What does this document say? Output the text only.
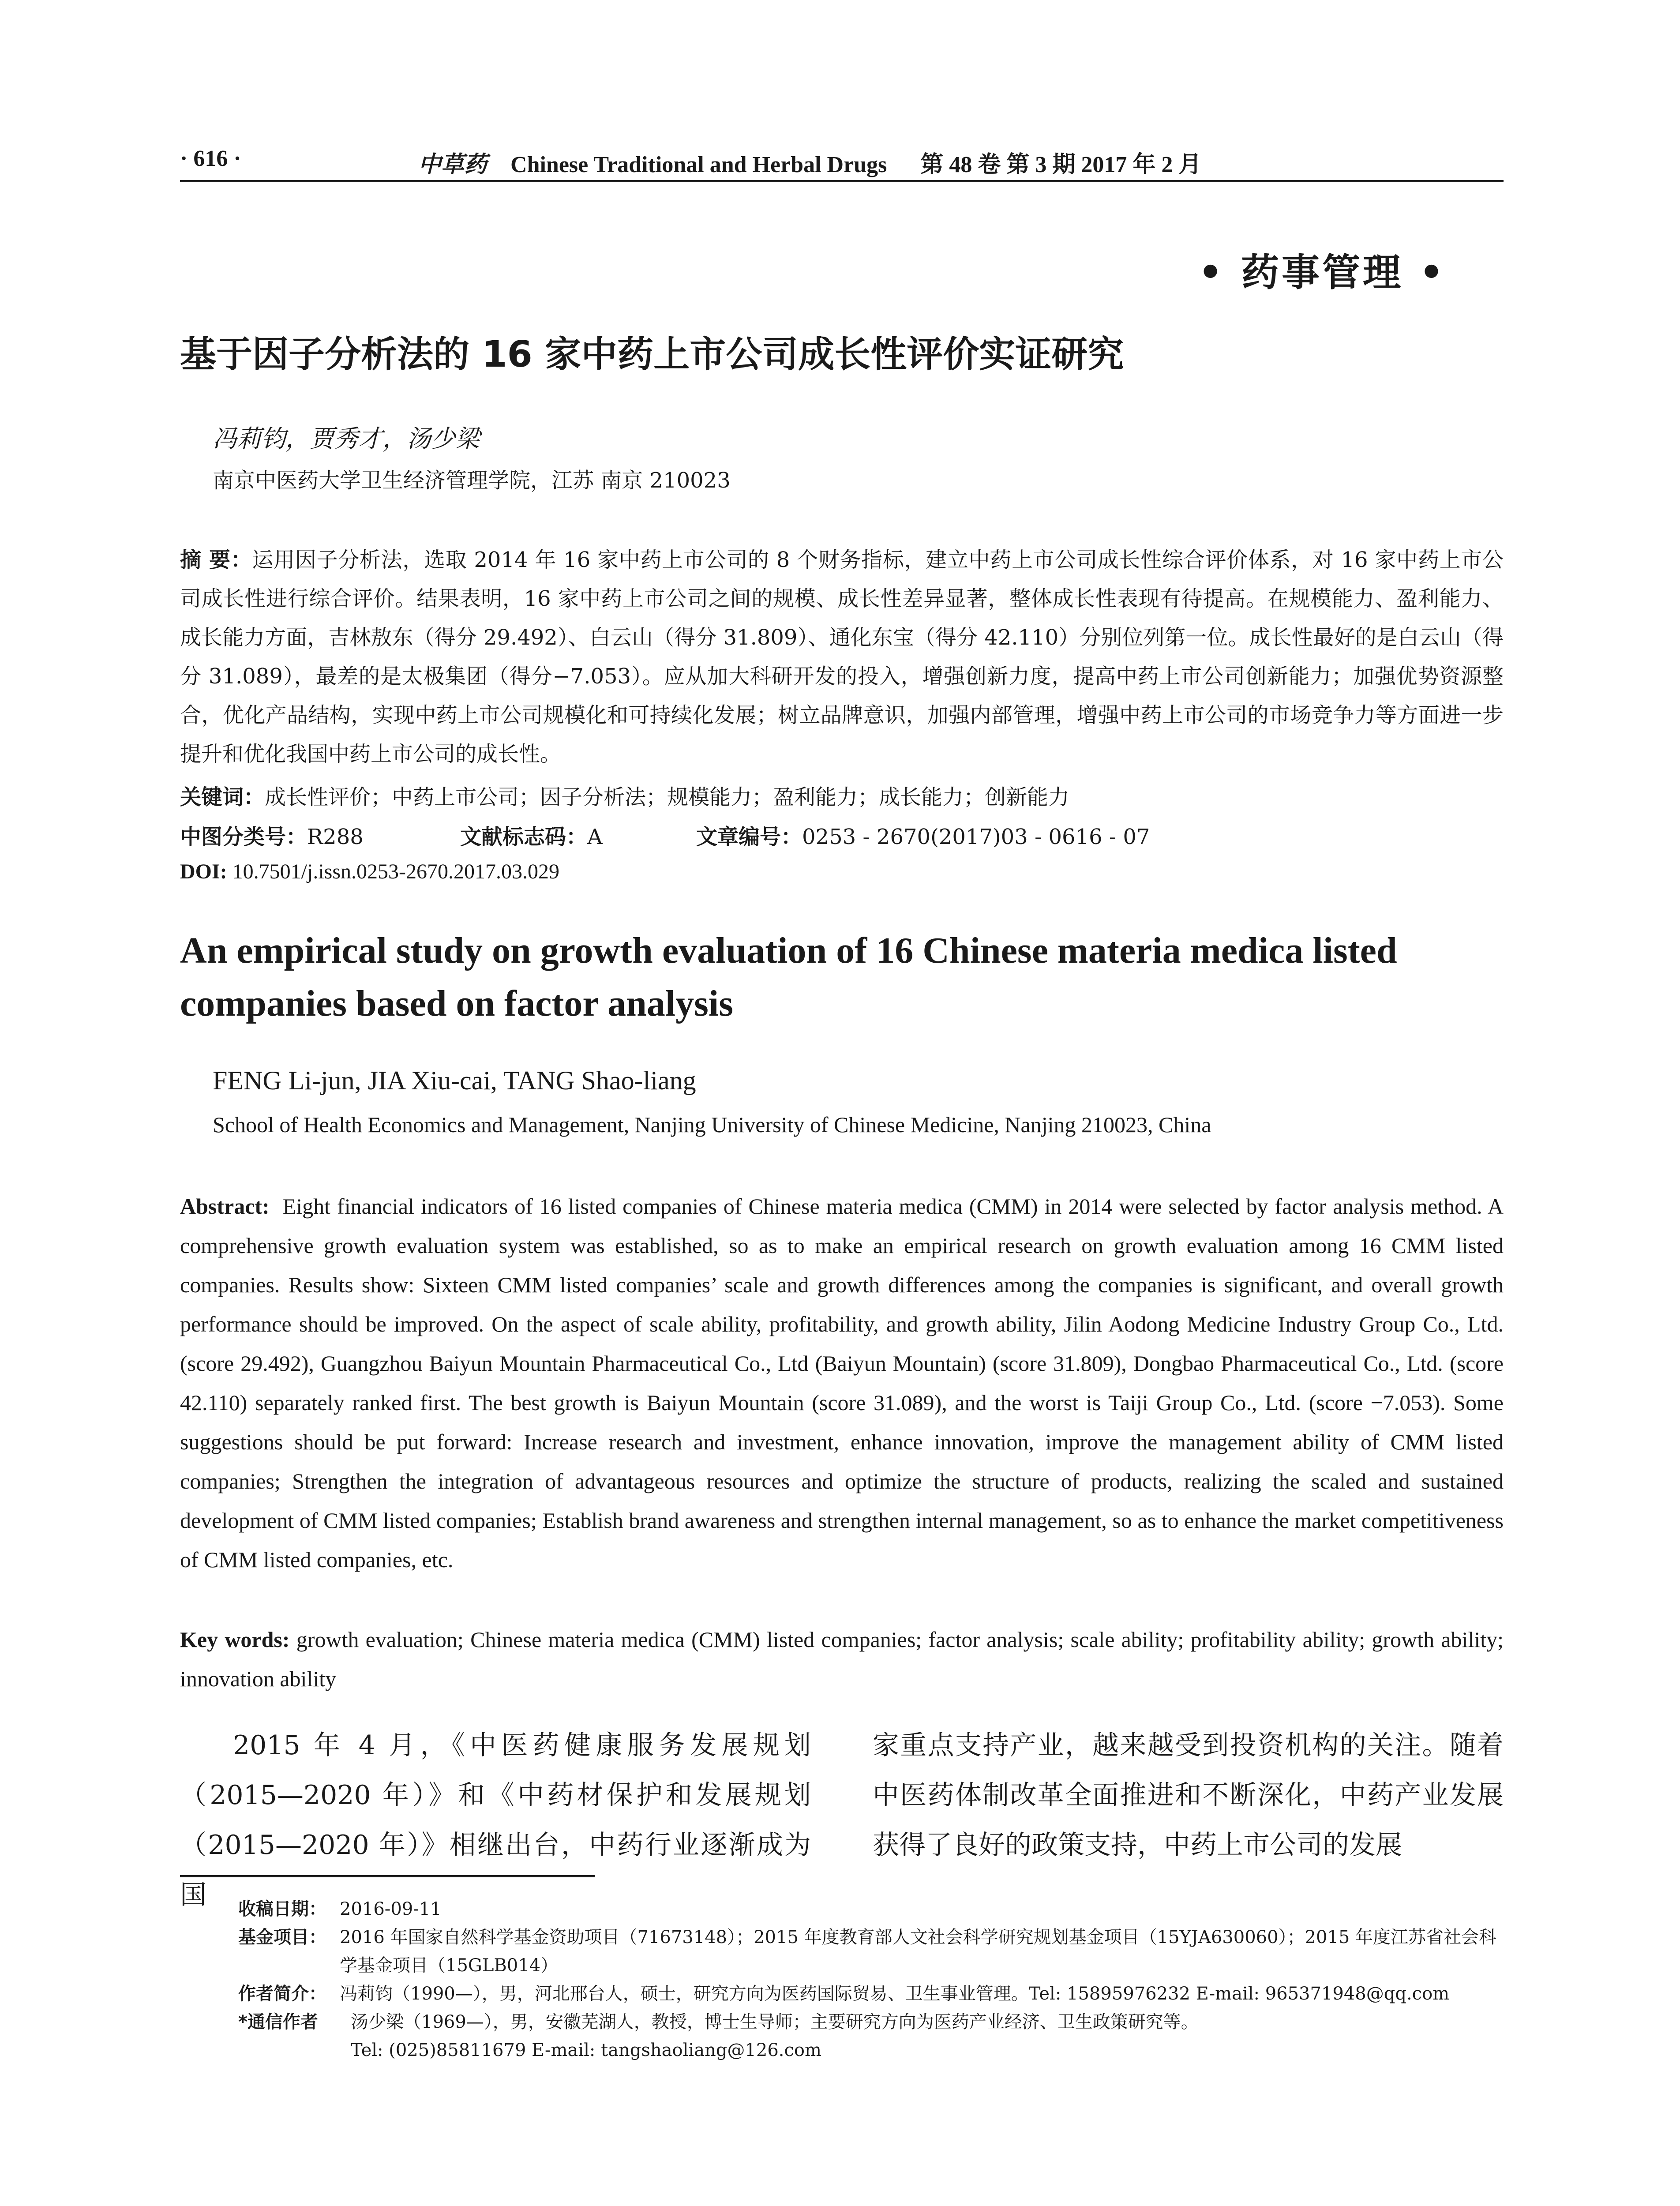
· 616 ·	中草药 Chinese Traditional and Herbal Drugs 第 48 卷 第 3 期 2017 年 2 月
• 药事管理 •
基于因子分析法的 16 家中药上市公司成长性评价实证研究
冯莉钧，贾秀才，汤少梁
南京中医药大学卫生经济管理学院，江苏 南京 210023

摘 要：运用因子分析法，选取 2014 年 16 家中药上市公司的 8 个财务指标，建立中药上市公司成长性综合评价体系，对 16 家中药上市公司成长性进行综合评价。结果表明，16 家中药上市公司之间的规模、成长性差异显著，整体成长性表现有待提高。在规模能力、盈利能力、成长能力方面，吉林敖东（得分 29.492）、白云山（得分 31.809）、通化东宝（得分 42.110）分别位列第一位。成长性最好的是白云山（得分 31.089），最差的是太极集团（得分−7.053）。应从加大科研开发的投入，增强创新力度，提高中药上市公司创新能力；加强优势资源整合，优化产品结构，实现中药上市公司规模化和可持续化发展；树立品牌意识，加强内部管理，增强中药上市公司的市场竞争力等方面进一步提升和优化我国中药上市公司的成长性。

关键词：成长性评价；中药上市公司；因子分析法；规模能力；盈利能力；成长能力；创新能力
中图分类号：R288	文献标志码：A	文章编号：0253 - 2670(2017)03 - 0616 - 07
DOI: 10.7501/j.issn.0253-2670.2017.03.029

An empirical study on growth evaluation of 16 Chinese materia medica listed companies based on factor analysis

FENG Li-jun, JIA Xiu-cai, TANG Shao-liang
School of Health Economics and Management, Nanjing University of Chinese Medicine, Nanjing 210023, China

Abstract: Eight financial indicators of 16 listed companies of Chinese materia medica (CMM) in 2014 were selected by factor analysis method. A comprehensive growth evaluation system was established, so as to make an empirical research on growth evaluation among 16 CMM listed companies. Results show: Sixteen CMM listed companies’ scale and growth differences among the companies is significant, and overall growth performance should be improved. On the aspect of scale ability, profitability, and growth ability, Jilin Aodong Medicine Industry Group Co., Ltd. (score 29.492), Guangzhou Baiyun Mountain Pharmaceutical Co., Ltd (Baiyun Mountain) (score 31.809), Dongbao Pharmaceutical Co., Ltd. (score 42.110) separately ranked first. The best growth is Baiyun Mountain (score 31.089), and the worst is Taiji Group Co., Ltd. (score −7.053). Some suggestions should be put forward: Increase research and investment, enhance innovation, improve the management ability of CMM listed companies; Strengthen the integration of advantageous resources and optimize the structure of products, realizing the scaled and sustained development of CMM listed companies; Establish brand awareness and strengthen internal management, so as to enhance the market competitiveness of CMM listed companies, etc.

Key words: growth evaluation; Chinese materia medica (CMM) listed companies; factor analysis; scale ability; profitability ability; growth ability; innovation ability

2015 年 4 月，《中医药健康服务发展规划（2015—2020 年）》和《中药材保护和发展规划（2015—2020 年）》相继出台，中药行业逐渐成为国

家重点支持产业，越来越受到投资机构的关注。随着中医药体制改革全面推进和不断深化，中药产业发展获得了良好的政策支持，中药上市公司的发展

收稿日期： 2016-09-11
基金项目： 2016 年国家自然科学基金资助项目（71673148）；2015 年度教育部人文社会科学研究规划基金项目（15YJA630060）；2015 年度江苏省社会科学基金项目（15GLB014）
作者简介： 冯莉钧（1990—），男，河北邢台人，硕士，研究方向为医药国际贸易、卫生事业管理。Tel: 15895976232 E-mail: 965371948@qq.com
*通信作者 汤少梁（1969—），男，安徽芜湖人，教授，博士生导师；主要研究方向为医药产业经济、卫生政策研究等。
Tel: (025)85811679 E-mail: tangshaoliang@126.com
